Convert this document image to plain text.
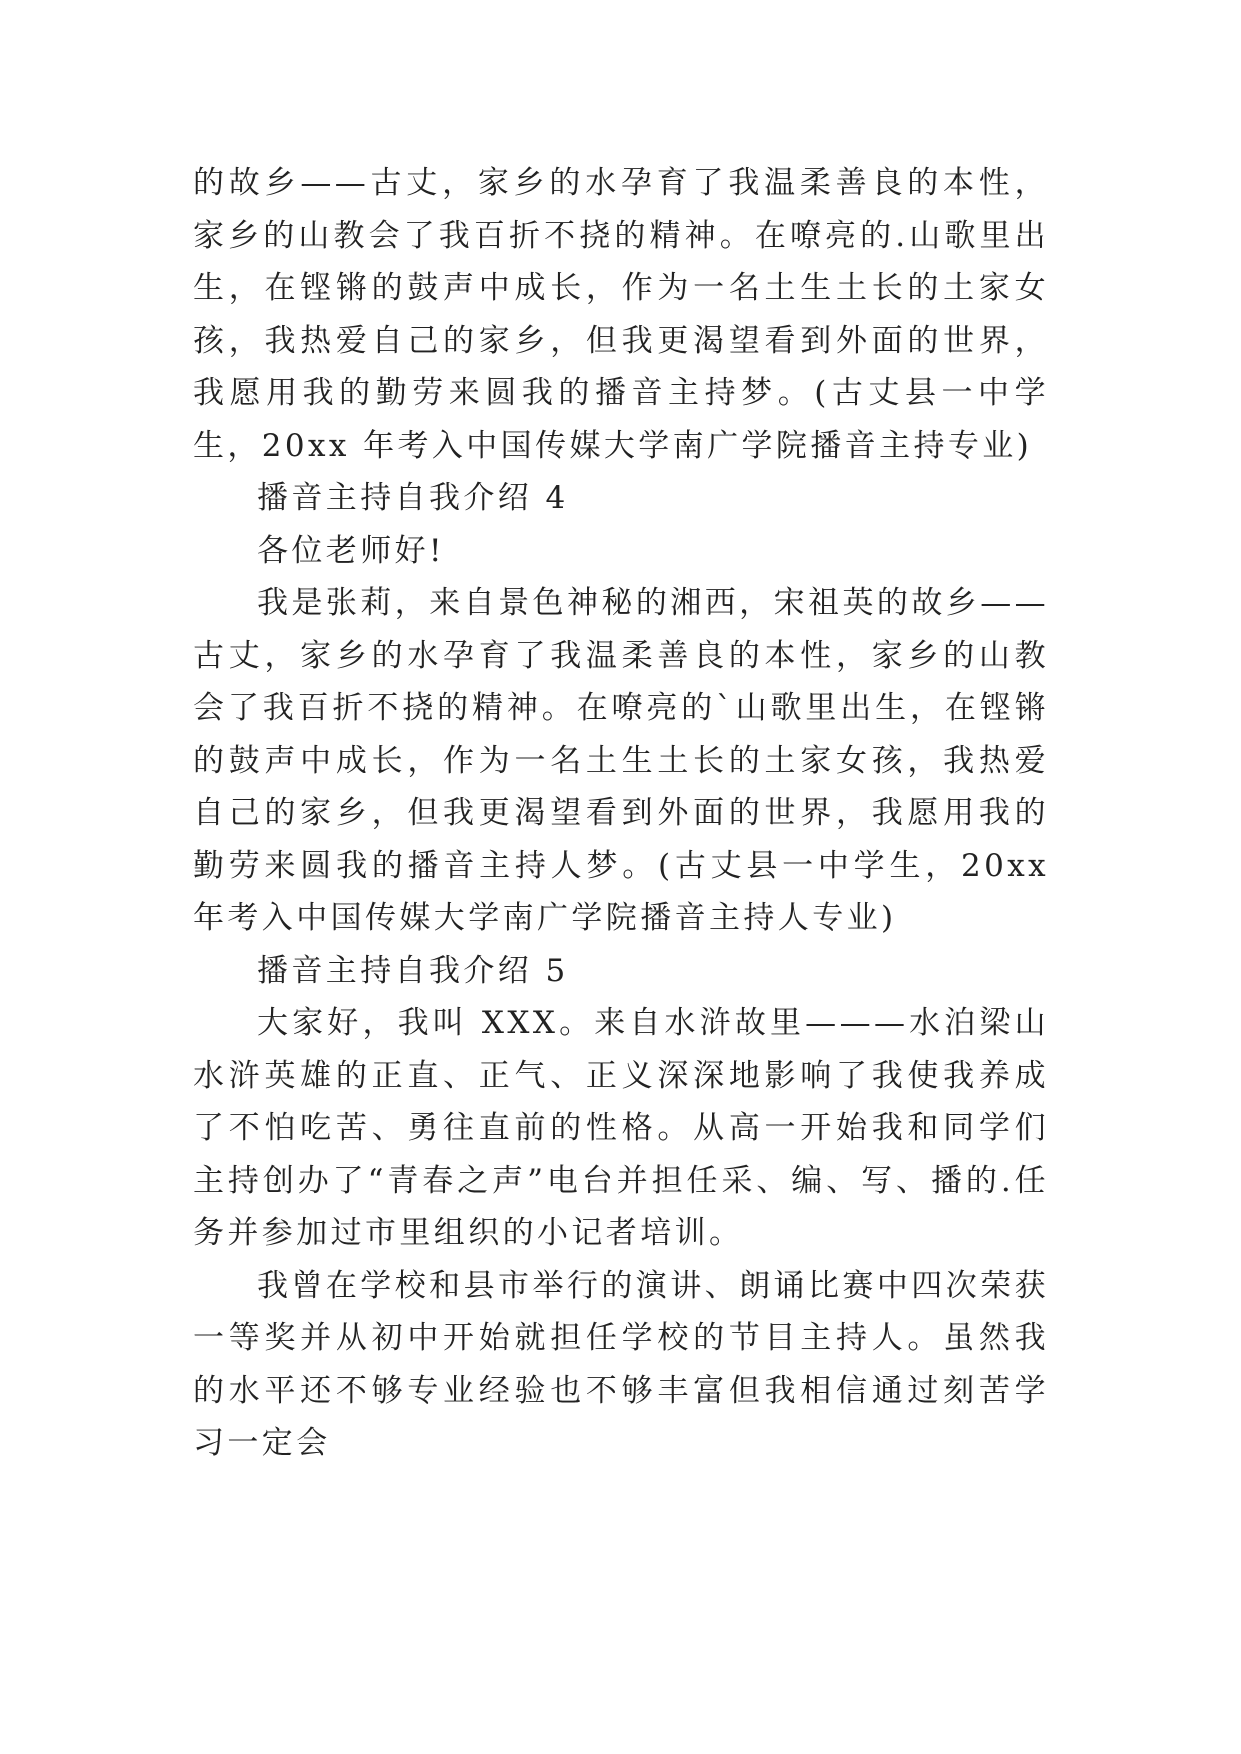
的故乡——古丈，家乡的水孕育了我温柔善良的本性，家乡的山教会了我百折不挠的精神。在嘹亮的.山歌里出生，在铿锵的鼓声中成长，作为一名土生土长的土家女孩，我热爱自己的家乡，但我更渴望看到外面的世界，我愿用我的勤劳来圆我的播音主持梦。(古丈县一中学生，20xx 年考入中国传媒大学南广学院播音主持专业)

播音主持自我介绍 4

各位老师好!

我是张莉，来自景色神秘的湘西，宋祖英的故乡——古丈，家乡的水孕育了我温柔善良的本性，家乡的山教会了我百折不挠的精神。在嘹亮的`山歌里出生，在铿锵的鼓声中成长，作为一名土生土长的土家女孩，我热爱自己的家乡，但我更渴望看到外面的世界，我愿用我的勤劳来圆我的播音主持人梦。(古丈县一中学生，20xx 年考入中国传媒大学南广学院播音主持人专业)

播音主持自我介绍 5

大家好，我叫 XXX。来自水浒故里———水泊梁山水浒英雄的正直、正气、正义深深地影响了我使我养成了不怕吃苦、勇往直前的性格。从高一开始我和同学们主持创办了“青春之声”电台并担任采、编、写、播的.任务并参加过市里组织的小记者培训。

我曾在学校和县市举行的演讲、朗诵比赛中四次荣获一等奖并从初中开始就担任学校的节目主持人。虽然我的水平还不够专业经验也不够丰富但我相信通过刻苦学习一定会
